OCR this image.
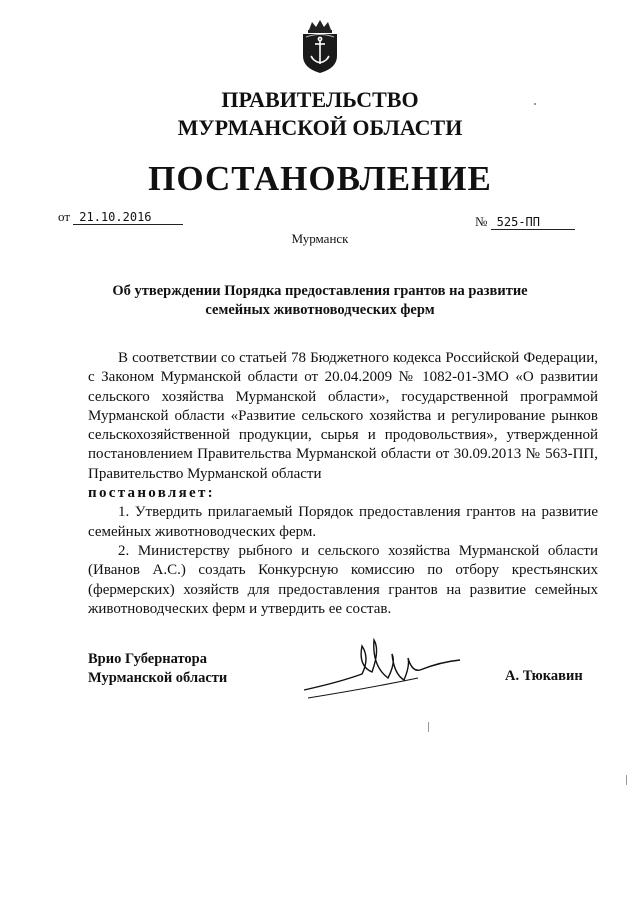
ПРАВИТЕЛЬСТВО
МУРМАНСКОЙ ОБЛАСТИ
ПОСТАНОВЛЕНИЕ
от 21.10.2016	№ 525-ПП
Мурманск
Об утверждении Порядка предоставления грантов на развитие
семейных животноводческих ферм

В соответствии со статьей 78 Бюджетного кодекса Российской Федерации, с Законом Мурманской области от 20.04.2009 № 1082-01-ЗМО «О развитии сельского хозяйства Мурманской области», государственной программой Мурманской области «Развитие сельского хозяйства и регулирование рынков сельскохозяйственной продукции, сырья и продовольствия», утвержденной постановлением Правительства Мурманской области от 30.09.2013 № 563-ПП, Правительство Мурманской области

постановляет:

1. Утвердить прилагаемый Порядок предоставления грантов на развитие семейных животноводческих ферм.

2. Министерству рыбного и сельского хозяйства Мурманской области (Иванов А.С.) создать Конкурсную комиссию по отбору крестьянских (фермерских) хозяйств для предоставления грантов на развитие семейных животноводческих ферм и утвердить ее состав.

Врио Губернатора
Мурманской области	А. Тюкавин
